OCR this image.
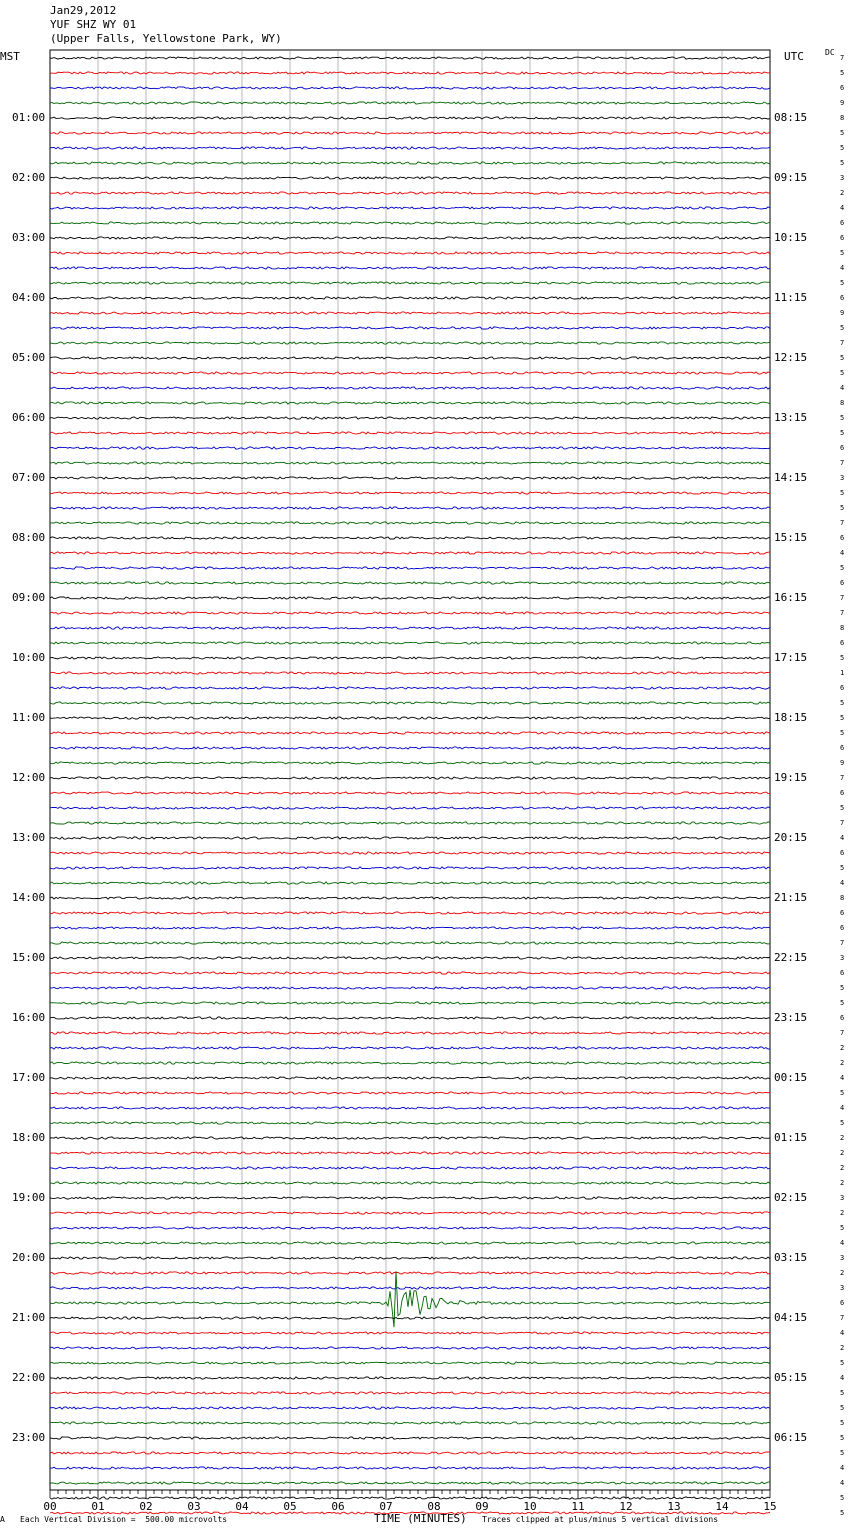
Jan29,2012
YUF SHZ WY 01
(Upper Falls, Yellowstone Park, WY)
MST	UTC	DC
01:00
02:00
03:00
04:00
05:00
06:00
07:00
08:00
09:00
10:00
11:00
12:00
13:00
14:00
15:00
16:00
17:00
18:00
19:00
20:00
21:00
22:00
23:00
08:15
09:15
10:15
11:15
12:15
13:15
14:15
15:15
16:15
17:15
18:15
19:15
20:15
21:15
22:15
23:15
00:15
01:15
02:15
03:15
04:15
05:15
06:15
7
5
6
9
8
5
5
5
3
2
4
6
6
5
4
5
6
9
5
7
5
5
4
8
5
5
6
7
3
5
5
7
6
4
5
6
7
7
8
6
5
1
6
5
5
5
6
9
7
6
5
7
4
6
5
4
8
6
6
7
3
6
5
5
6
7
2
2
4
5
4
5
2
2
2
2
3
2
5
4
3
2
3
6
7
4
2
5
4
5
5
5
5
5
4
4
5
5
00	01	02	03	04	05	06	07	08	09	10	11	12	13	14	15
TIME (MINUTES)
A Each Vertical Division =  500.00 microvolts	Traces clipped at plus/minus 5 vertical divisions
